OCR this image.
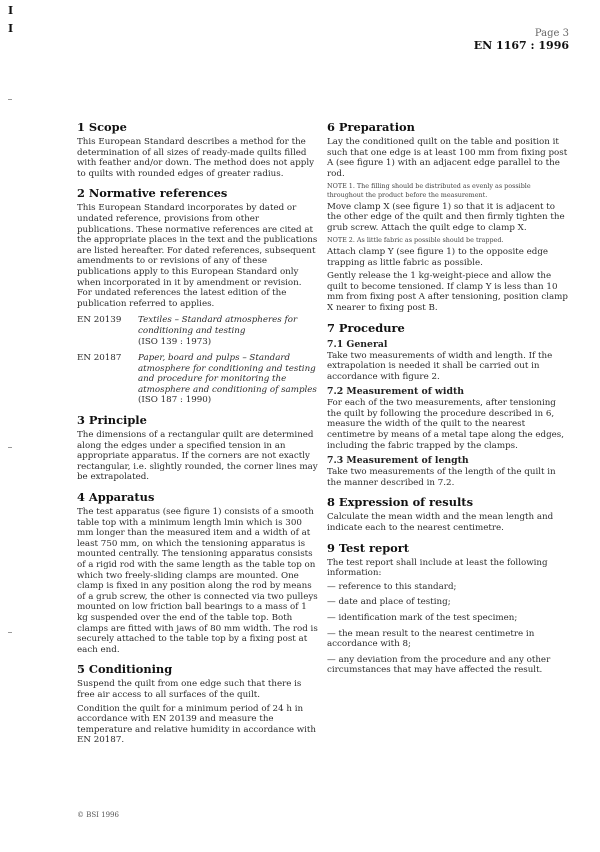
I
I	Page 3
EN 1167 : 1996
1 Scope

This European Standard describes a method for the determination of all sizes of ready-made quilts filled with feather and/or down. The method does not apply to quilts with rounded edges of greater radius.

2 Normative references

This European Standard incorporates by dated or undated reference, provisions from other publications. These normative references are cited at the appropriate places in the text and the publications are listed hereafter. For dated references, subsequent amendments to or revisions of any of these publications apply to this European Standard only when incorporated in it by amendment or revision. For undated references the latest edition of the publication referred to applies.

EN 20139	Textiles – Standard atmospheres for conditioning and testing
(ISO 139 : 1973)
EN 20187	Paper, board and pulps – Standard atmosphere for conditioning and testing and procedure for monitoring the atmosphere and conditioning of samples
(ISO 187 : 1990)
3 Principle

The dimensions of a rectangular quilt are determined along the edges under a specified tension in an appropriate apparatus. If the corners are not exactly rectangular, i.e. slightly rounded, the corner lines may be extrapolated.

4 Apparatus

The test apparatus (see figure 1) consists of a smooth table top with a minimum length lmin which is 300 mm longer than the measured item and a width of at least 750 mm, on which the tensioning apparatus is mounted centrally. The tensioning apparatus consists of a rigid rod with the same length as the table top on which two freely-sliding clamps are mounted. One clamp is fixed in any position along the rod by means of a grub screw, the other is connected via two pulleys mounted on low friction ball bearings to a mass of 1 kg suspended over the end of the table top. Both clamps are fitted with jaws of 80 mm width. The rod is securely attached to the table top by a fixing post at each end.

5 Conditioning

Suspend the quilt from one edge such that there is free air access to all surfaces of the quilt.

Condition the quilt for a minimum period of 24 h in accordance with EN 20139 and measure the temperature and relative humidity in accordance with EN 20187.

6 Preparation

Lay the conditioned quilt on the table and position it such that one edge is at least 100 mm from fixing post A (see figure 1) with an adjacent edge parallel to the rod.

NOTE 1. The filling should be distributed as evenly as possible throughout the product before the measurement.

Move clamp X (see figure 1) so that it is adjacent to the other edge of the quilt and then firmly tighten the grub screw. Attach the quilt edge to clamp X.

NOTE 2. As little fabric as possible should be trapped.

Attach clamp Y (see figure 1) to the opposite edge trapping as little fabric as possible.

Gently release the 1 kg-weight-piece and allow the quilt to become tensioned. If clamp Y is less than 10 mm from fixing post A after tensioning, position clamp X nearer to fixing post B.

7 Procedure
7.1 General

Take two measurements of width and length. If the extrapolation is needed it shall be carried out in accordance with figure 2.

7.2 Measurement of width

For each of the two measurements, after tensioning the quilt by following the procedure described in 6, measure the width of the quilt to the nearest centimetre by means of a metal tape along the edges, including the fabric trapped by the clamps.

7.3 Measurement of length

Take two measurements of the length of the quilt in the manner described in 7.2.

8 Expression of results

Calculate the mean width and the mean length and indicate each to the nearest centimetre.

9 Test report

The test report shall include at least the following information:

— reference to this standard;
— date and place of testing;
— identification mark of the test specimen;
— the mean result to the nearest centimetre in accordance with 8;
— any deviation from the procedure and any other circumstances that may have affected the result.
© BSI 1996
